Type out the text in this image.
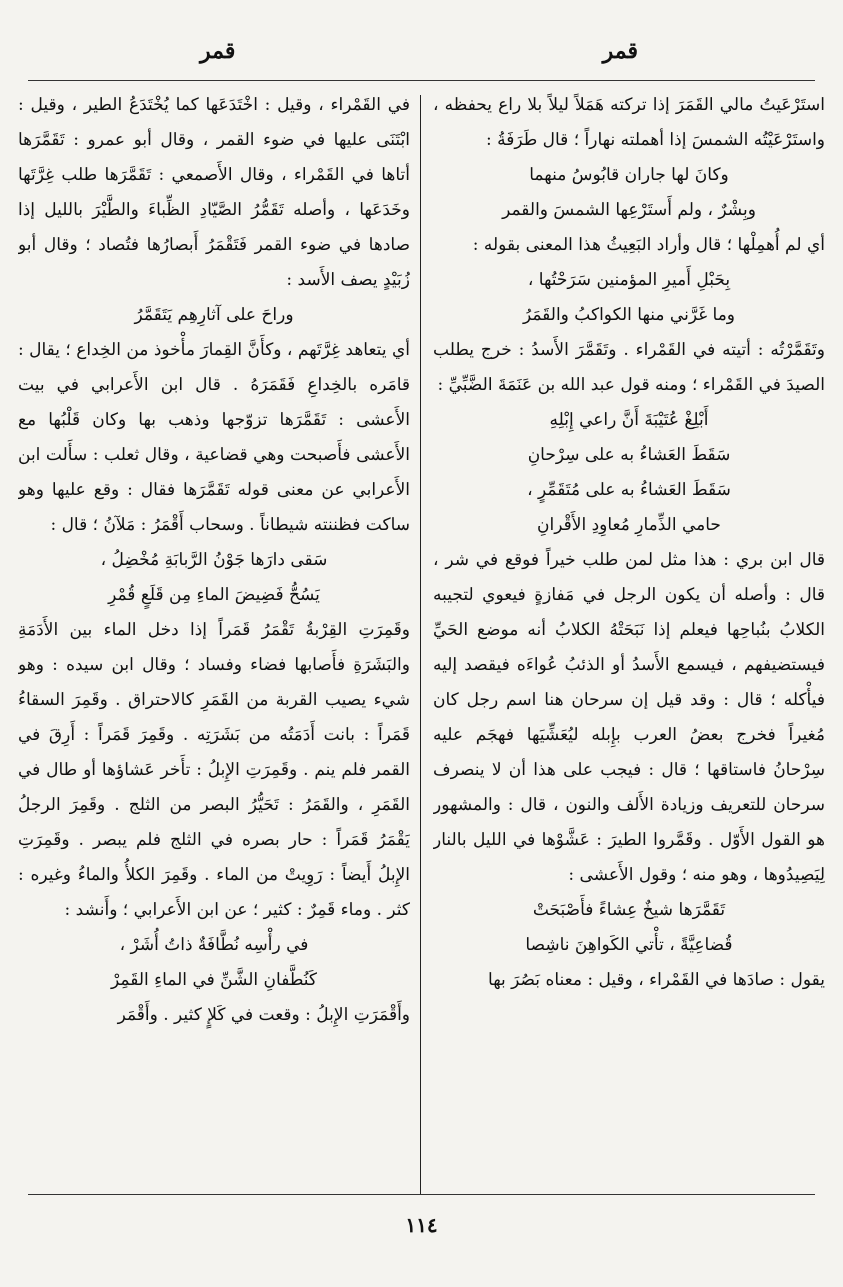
قمر
قمر

استَرْعَيتُ مالي القَمَرَ إذا تركته هَمَلاً ليلاً بلا راع يحفظه ، واستَرْعَيْتُه الشمسَ إذا أهملته نهاراً ؛ قال طَرَفَةُ :

وكانَ لها جاران قابُوسُ منهما

وبِشْرٌ ، ولم أَستَرْعِها الشمسَ والقمر

أي لم أُهمِلْها ؛ قال وأراد البَعِيثُ هذا المعنى بقوله :

بِحَبْلِ أَميرِ المؤمنين سَرَحْتُها ،

وما غَرَّني منها الكواكبُ والقَمَرُ

وتَقَمَّرْتُه : أتيته في القَمْراء . وتَقَمَّرَ الأَسدُ : خرج يطلب الصيدَ في القَمْراء ؛ ومنه قول عبد الله بن عَنَمَةَ الضَّبِّيِّ :

أَبْلِغْ عُتَيْبَةَ أَنَّ راعي إِبْلِهِ

سَقَطَ العَشاءُ به على سِرْحانِ

سَقَطَ العَشاءُ به على مُتَقَمِّرٍ ،

حامي الذِّمارِ مُعاوِدِ الأَقْرانِ

قال ابن بري : هذا مثل لمن طلب خيراً فوقع في شر ، قال : وأصله أن يكون الرجل في مَفازةٍ فيعوي لتجيبه الكلابُ بنُباحِها فيعلم إذا نَبَحَتْهُ الكلابُ أنه موضع الحَيِّ فيستضيفهم ، فيسمع الأَسدُ أو الذئبُ عُواءَه فيقصد إليه فيأْكله ؛ قال : وقد قيل إن سرحان هنا اسم رجل كان مُغيراً فخرج بعضُ العرب بإِبله ليُعَشِّيَها فهجَم عليه سِرْحانُ فاستاقها ؛ قال : فيجب على هذا أن لا ينصرف سرحان للتعريف وزيادة الأَلف والنون ، قال : والمشهور هو القول الأَوّل . وقَمَّروا الطيرَ : عَشَّوْها في الليل بالنار لِيَصِيدُوها ، وهو منه ؛ وقول الأَعشى :

تَقَمَّرَها شيخٌ عِشاءً فأَصْبَحَتْ

قُضاعِيَّةً ، تأْتي الكَواهِنَ ناشِصا

يقول : صادَها في القَمْراء ، وقيل : معناه بَصُرَ بها

في القَمْراء ، وقيل : اخْتَدَعَها كما يُخْتَدَعُ الطير ، وقيل : ابْتَنَى عليها في ضوء القمر ، وقال أبو عمرو : تَقَمَّرَها أتاها في القَمْراء ، وقال الأَصمعي : تَقَمَّرَها طلب غِرَّتَها وخَدَعَها ، وأصله تَقَمُّرُ الصَّيّادِ الظِّباءَ والطَّيْرَ بالليل إذا صادها في ضوء القمر فَتَقْمَرُ أَبصارُها فتُصاد ؛ وقال أبو زُبَيْدٍ يصف الأَسد :

وراحَ على آثارِهِم يَتَقَمَّرُ

أي يتعاهد غِرَّتَهم ، وكأَنَّ القِمارَ مأْخوذ من الخِداع ؛ يقال : قامَره بالخِداعِ فَقَمَرَهُ . قال ابن الأَعرابي في بيت الأَعشى : تَقَمَّرَها تزوّجها وذهب بها وكان قَلْبُها مع الأَعشى فأَصبحت وهي قضاعية ، وقال ثعلب : سأَلت ابن الأَعرابي عن معنى قوله تَقَمَّرَها فقال : وقع عليها وهو ساكت فظننته شيطاناً . وسحاب أَقْمَرُ : مَلآنُ ؛ قال :

سَقى دارَها جَوْنُ الرَّبابَةِ مُخْضِلُ ،

يَسُحُّ فَضِيضَ الماءِ مِن قَلَعٍ قُمْرِ

وقَمِرَتِ القِرْبةُ تَقْمَرُ قَمَراً إذا دخل الماء بين الأَدَمَةِ والبَشَرَةِ فأَصابها فضاء وفساد ؛ وقال ابن سيده : وهو شيء يصيب القربة من القَمَرِ كالاحتراق . وقَمِرَ السقاءُ قَمَراً : بانت أَدَمَتُه من بَشَرَتِه . وقَمِرَ قَمَراً : أَرِقَ في القمر فلم ينم . وقَمِرَتِ الإِبلُ : تأَخر عَشاؤها أو طال في القَمَرِ ، والقَمَرُ : تَحَيُّرُ البصر من الثلج . وقَمِرَ الرجلُ يَقْمَرُ قَمَراً : حار بصره في الثلج فلم يبصر . وقَمِرَتِ الإِبلُ أَيضاً : رَوِيتْ من الماء . وقَمِرَ الكلأُ والماءُ وغيره : كثر . وماء قَمِرٌ : كثير ؛ عن ابن الأَعرابي ؛ وأَنشد :

في رأْسِه نُطَّافَةٌ ذاتُ أُشَرْ ،

كَنُطَّفانِ الشَّنِّ في الماءِ القَمِرْ

وأَقْمَرَتِ الإِبلُ : وقعت في كَلإٍ كثير . وأَقْمَر

١١٤
